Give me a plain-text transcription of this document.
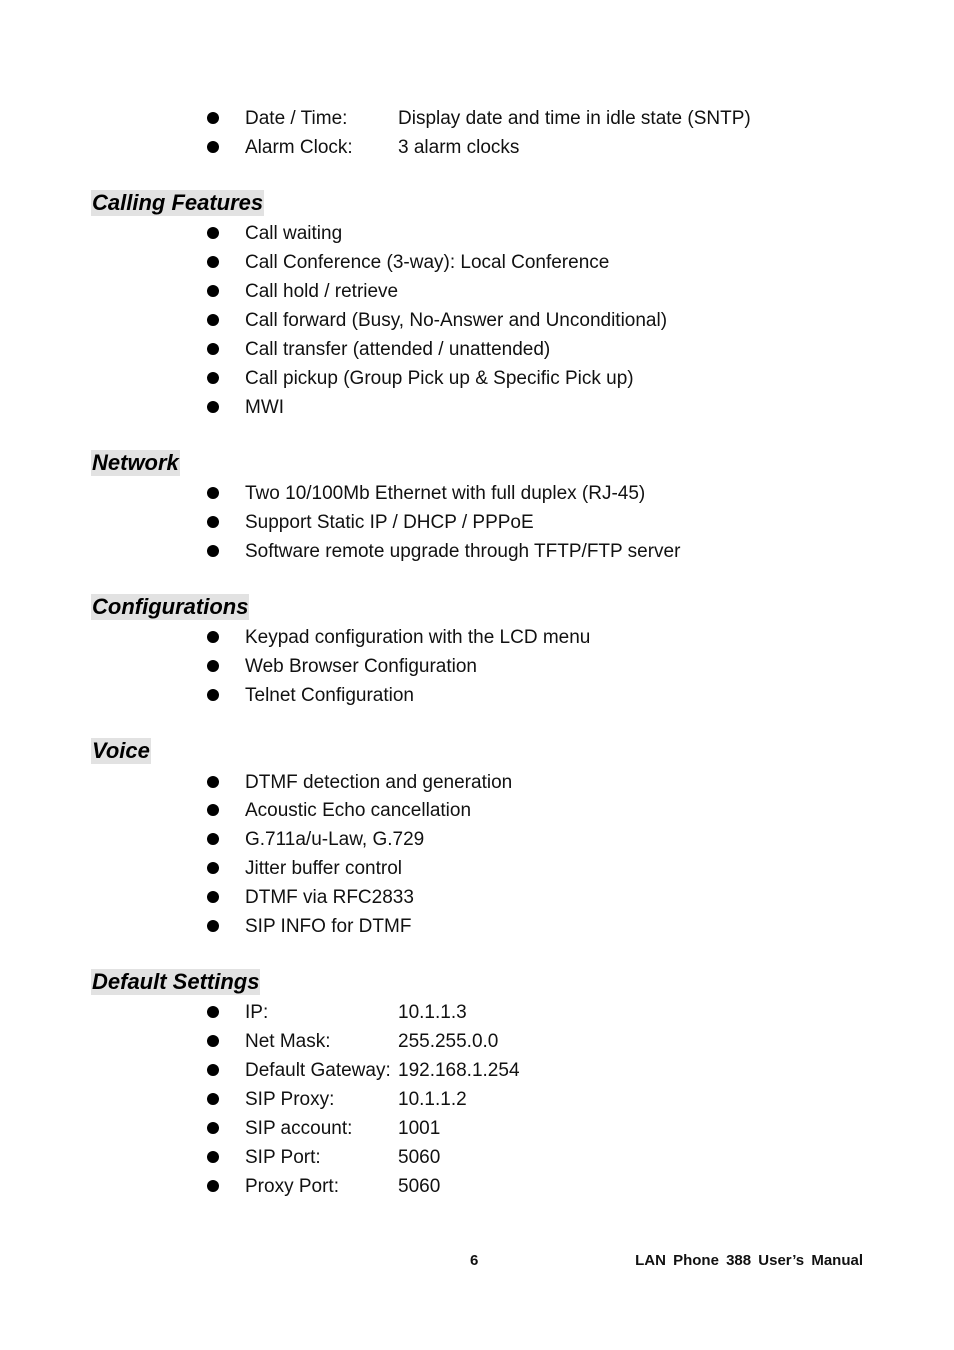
Date / Time:	Display date and time in idle state (SNTP)
Alarm Clock: 3 alarm clocks
Calling Features
Call waiting
Call Conference (3-way): Local Conference
Call hold / retrieve
Call forward (Busy, No-Answer and Unconditional)
Call transfer (attended / unattended)
Call pickup (Group Pick up & Specific Pick up)
MWI
Network
Two 10/100Mb Ethernet with full duplex (RJ-45)
Support Static IP / DHCP / PPPoE
Software remote upgrade through TFTP/FTP server
Configurations
Keypad configuration with the LCD menu
Web Browser Configuration
Telnet Configuration
Voice
DTMF detection and generation
Acoustic Echo cancellation
G.711a/u-Law, G.729
Jitter buffer control
DTMF via RFC2833
SIP INFO for DTMF
Default Settings
IP:	10.1.1.3
Net Mask:	255.255.0.0
Default Gateway: 192.168.1.254
SIP Proxy:	10.1.1.2
SIP account: 1001
SIP Port:	5060
Proxy Port:	5060
6	LAN Phone 388 User’s Manual
